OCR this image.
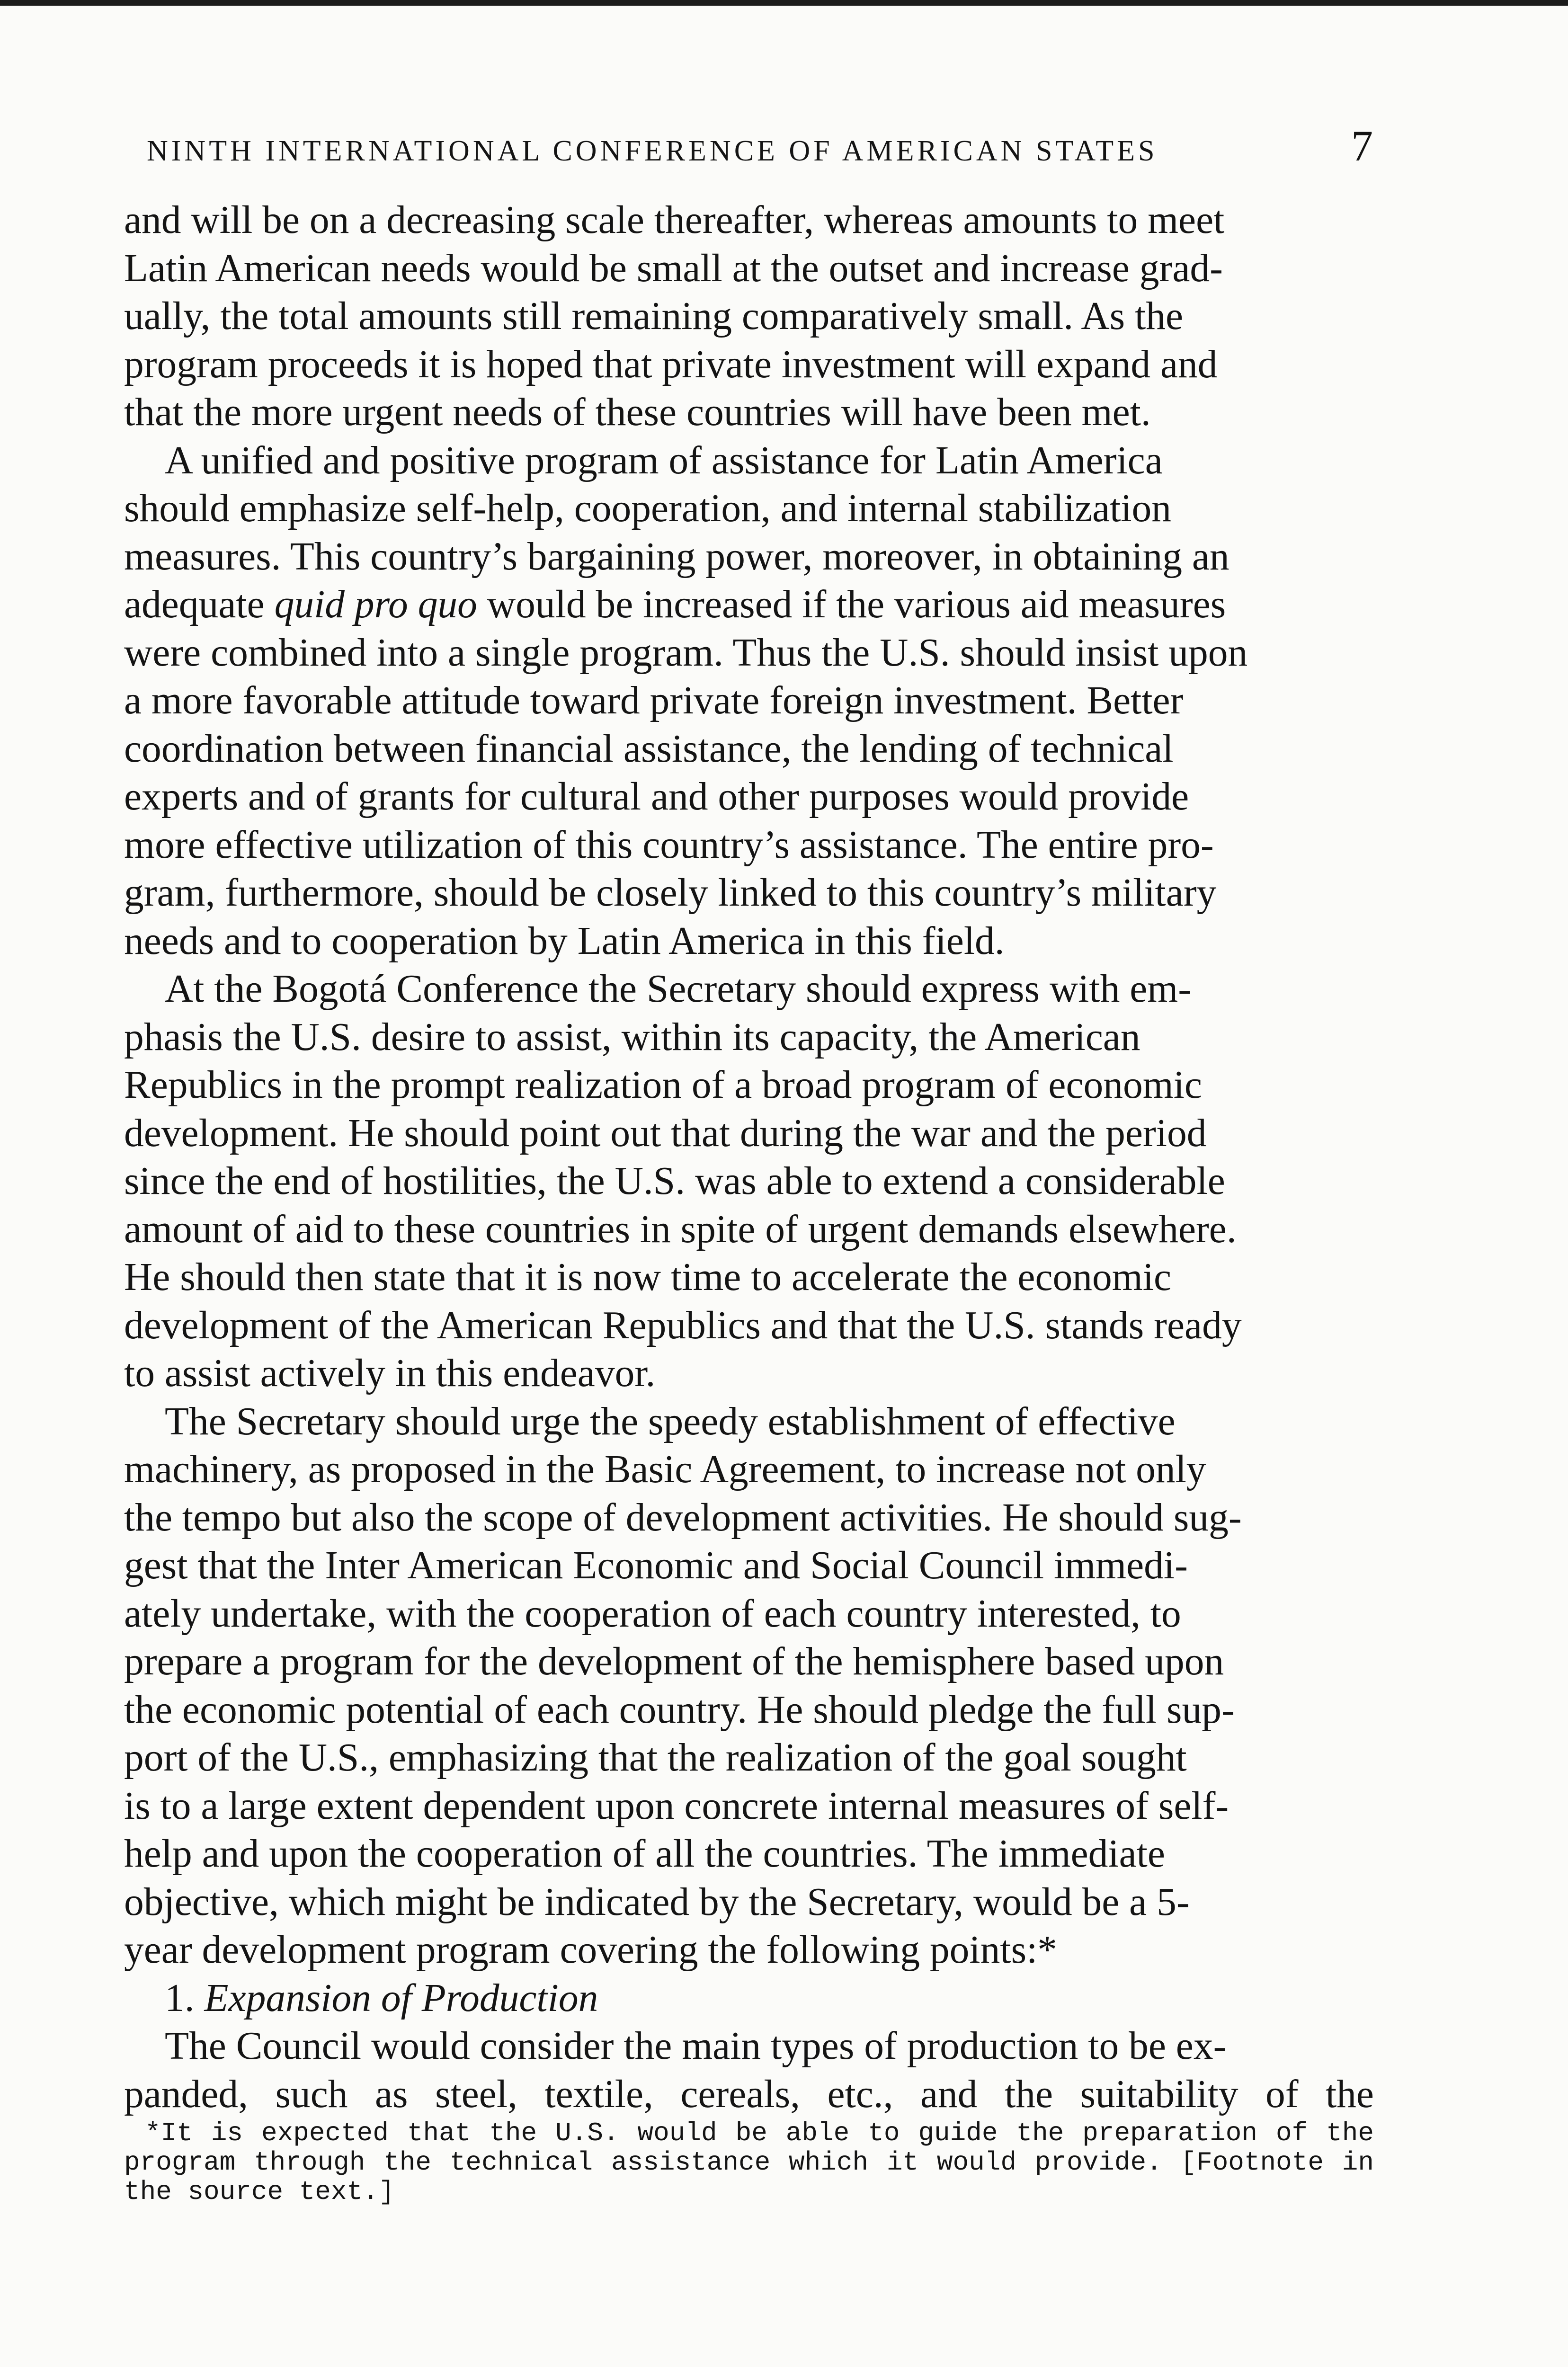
NINTH INTERNATIONAL CONFERENCE OF AMERICAN STATES	7

and will be on a decreasing scale thereafter, whereas amounts to meet
Latin American needs would be small at the outset and increase grad-
ually, the total amounts still remaining comparatively small. As the
program proceeds it is hoped that private investment will expand and
that the more urgent needs of these countries will have been met.

A unified and positive program of assistance for Latin America
should emphasize self-help, cooperation, and internal stabilization
measures. This country’s bargaining power, moreover, in obtaining an
adequate quid pro quo would be increased if the various aid measures
were combined into a single program. Thus the U.S. should insist upon
a more favorable attitude toward private foreign investment. Better
coordination between financial assistance, the lending of technical
experts and of grants for cultural and other purposes would provide
more effective utilization of this country’s assistance. The entire pro-
gram, furthermore, should be closely linked to this country’s military
needs and to cooperation by Latin America in this field.

At the Bogotá Conference the Secretary should express with em-
phasis the U.S. desire to assist, within its capacity, the American
Republics in the prompt realization of a broad program of economic
development. He should point out that during the war and the period
since the end of hostilities, the U.S. was able to extend a considerable
amount of aid to these countries in spite of urgent demands elsewhere.
He should then state that it is now time to accelerate the economic
development of the American Republics and that the U.S. stands ready
to assist actively in this endeavor.

The Secretary should urge the speedy establishment of effective
machinery, as proposed in the Basic Agreement, to increase not only
the tempo but also the scope of development activities. He should sug-
gest that the Inter American Economic and Social Council immedi-
ately undertake, with the cooperation of each country interested, to
prepare a program for the development of the hemisphere based upon
the economic potential of each country. He should pledge the full sup-
port of the U.S., emphasizing that the realization of the goal sought
is to a large extent dependent upon concrete internal measures of self-
help and upon the cooperation of all the countries. The immediate
objective, which might be indicated by the Secretary, would be a 5-
year development program covering the following points:*

1. Expansion of Production

The Council would consider the main types of production to be ex-
panded, such as steel, textile, cereals, etc., and the suitability of the

*It is expected that the U.S. would be able to guide the preparation of the
program through the technical assistance which it would provide. [Footnote in
the source text.]
